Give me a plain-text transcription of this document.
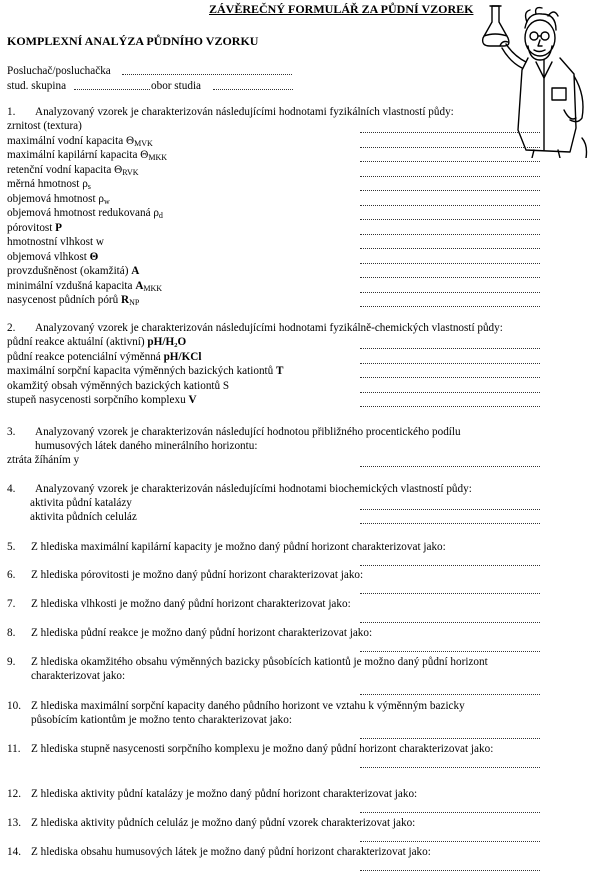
ZÁVĚREČNÝ FORMULÁŘ ZA PŮDNÍ VZOREK
KOMPLEXNÍ ANALÝZA PŮDNÍHO VZORKU
Posluchač/posluchačka
stud. skupina	obor studia
1. Analyzovaný vzorek je charakterizován následujícími hodnotami fyzikálních vlastností půdy:
zrnitost (textura)
maximální vodní kapacita $\Theta_{MVK}$
maximální kapilární kapacita $\Theta_{MKK}$
retenční vodní kapacita $\Theta_{RVK}$
měrná hmotnost $\rho_s$
objemová hmotnost $\rho_w$
objemová hmotnost redukovaná $\rho_d$
pórovitost P
hmotnostní vlhkost w
objemová vlhkost Θ
provzdušněnost (okamžitá) A
minimální vzdušná kapacita $A_{MKK}$
nasycenost půdních pórů $R_{NP}$
2. Analyzovaný vzorek je charakterizován následujícími hodnotami fyzikálně-chemických vlastností půdy:
půdní reakce aktuální (aktivní) pH/H₂O
půdní reakce potenciální výměnná pH/KCl
maximální sorpční kapacita výměnných bazických kationtů T
okamžitý obsah výměnných bazických kationtů S
stupeň nasycenosti sorpčního komplexu V
3. Analyzovaný vzorek je charakterizován následující hodnotou přibližného procentického podílu
humusových látek daného minerálního horizontu:
ztráta žíháním y
4. Analyzovaný vzorek je charakterizován následujícími hodnotami biochemických vlastností půdy:
aktivita půdní katalázy
aktivita půdních celuláz
5. Z hlediska maximální kapilární kapacity je možno daný půdní horizont charakterizovat jako:
6. Z hlediska pórovitosti je možno daný půdní horizont charakterizovat jako:
7. Z hlediska vlhkosti je možno daný půdní horizont charakterizovat jako:
8. Z hlediska půdní reakce je možno daný půdní horizont charakterizovat jako:
9. Z hlediska okamžitého obsahu výměnných bazicky působících kationtů je možno daný půdní horizont
charakterizovat jako:
10. Z hlediska maximální sorpční kapacity daného půdního horizont ve vztahu k výměnným bazicky
působícím kationtům je možno tento charakterizovat jako:
11. Z hlediska stupně nasycenosti sorpčního komplexu je možno daný půdní horizont charakterizovat jako:
12. Z hlediska aktivity půdní katalázy je možno daný půdní horizont charakterizovat jako:
13. Z hlediska aktivity půdních celuláz je možno daný půdní vzorek charakterizovat jako:
14. Z hlediska obsahu humusových látek je možno daný půdní horizont charakterizovat jako:
